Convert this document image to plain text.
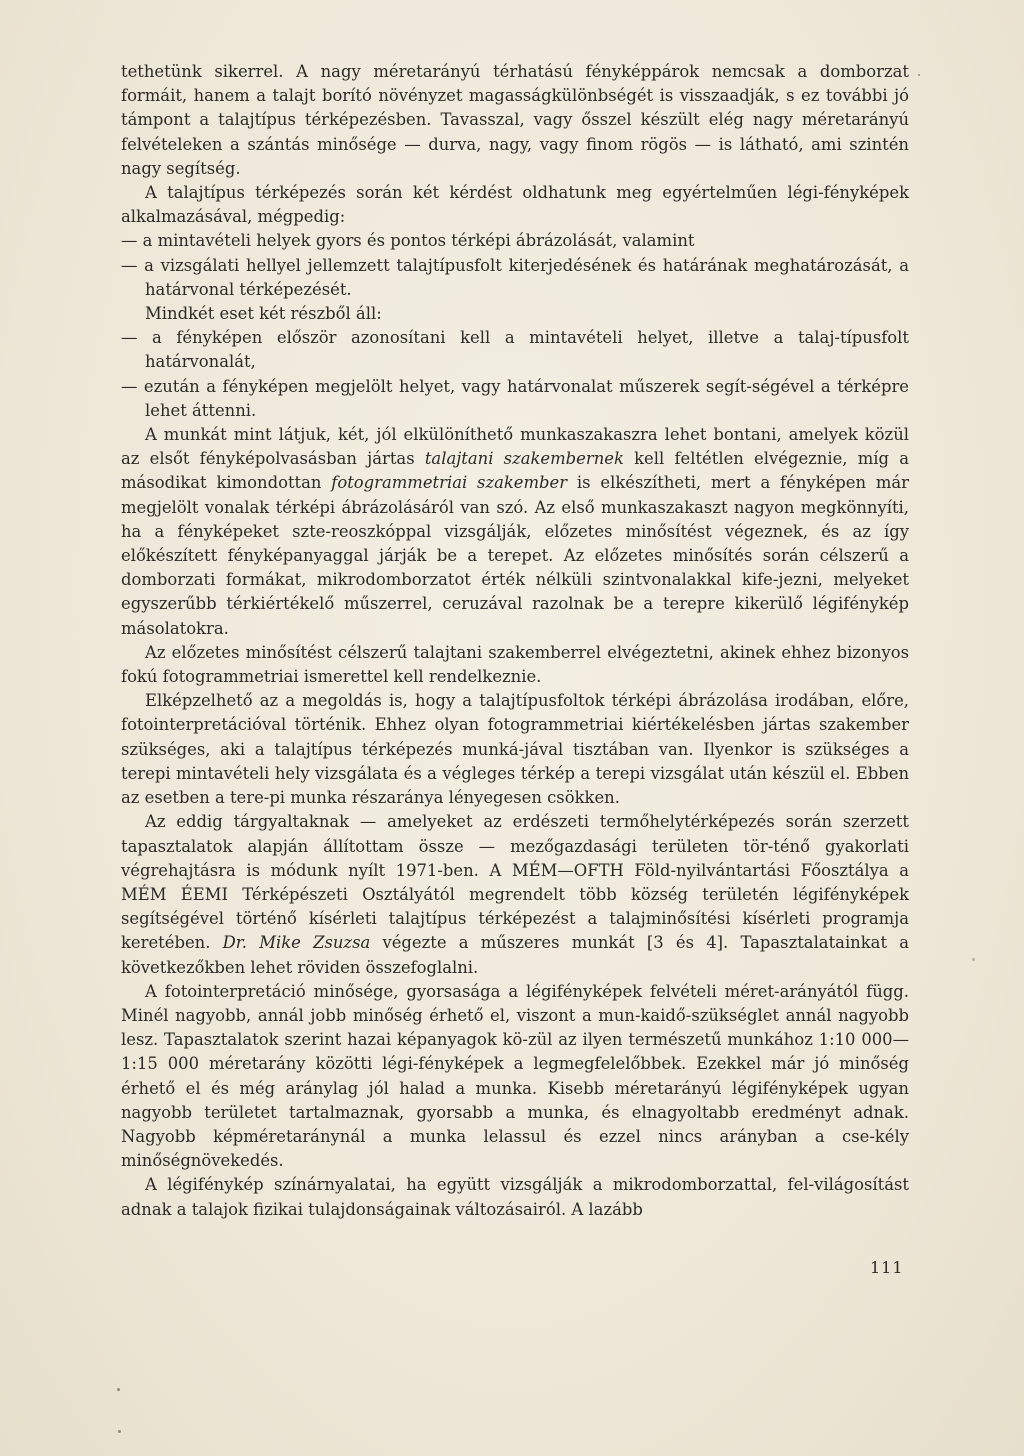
tethetünk sikerrel. A nagy méretarányú térhatású fényképpárok nemcsak a domborzat formáit, hanem a talajt borító növényzet magasságkülönbségét is visszaadják, s ez további jó támpont a talajtípus térképezésben. Tavasszal, vagy ősszel készült elég nagy méretarányú felvételeken a szántás minősége — durva, nagy, vagy finom rögös — is látható, ami szintén nagy segítség.

A talajtípus térképezés során két kérdést oldhatunk meg egyértelműen légi-fényképek alkalmazásával, mégpedig:

— a mintavételi helyek gyors és pontos térképi ábrázolását, valamint

— a vizsgálati hellyel jellemzett talajtípusfolt kiterjedésének és határának meghatározását, a határvonal térképezését.

Mindkét eset két részből áll:

— a fényképen először azonosítani kell a mintavételi helyet, illetve a talaj-típusfolt határvonalát,

— ezután a fényképen megjelölt helyet, vagy határvonalat műszerek segít-ségével a térképre lehet áttenni.

A munkát mint látjuk, két, jól elkülöníthető munkaszakaszra lehet bontani, amelyek közül az elsőt fényképolvasásban jártas talajtani szakembernek kell feltétlen elvégeznie, míg a másodikat kimondottan fotogrammetriai szakember is elkészítheti, mert a fényképen már megjelölt vonalak térképi ábrázolásáról van szó. Az első munkaszakaszt nagyon megkönnyíti, ha a fényképeket szte-reoszkóppal vizsgálják, előzetes minősítést végeznek, és az így előkészített fényképanyaggal járják be a terepet. Az előzetes minősítés során célszerű a domborzati formákat, mikrodomborzatot érték nélküli szintvonalakkal kife-jezni, melyeket egyszerűbb térkiértékelő műszerrel, ceruzával razolnak be a terepre kikerülő légifénykép másolatokra.

Az előzetes minősítést célszerű talajtani szakemberrel elvégeztetni, akinek ehhez bizonyos fokú fotogrammetriai ismerettel kell rendelkeznie.

Elképzelhető az a megoldás is, hogy a talajtípusfoltok térképi ábrázolása irodában, előre, fotointerpretációval történik. Ehhez olyan fotogrammetriai kiértékelésben jártas szakember szükséges, aki a talajtípus térképezés munká-jával tisztában van. Ilyenkor is szükséges a terepi mintavételi hely vizsgálata és a végleges térkép a terepi vizsgálat után készül el. Ebben az esetben a tere-pi munka részaránya lényegesen csökken.

Az eddig tárgyaltaknak — amelyeket az erdészeti termőhelytérképezés során szerzett tapasztalatok alapján állítottam össze — mezőgazdasági területen tör-ténő gyakorlati végrehajtásra is módunk nyílt 1971-ben. A MÉM—OFTH Föld-nyilvántartási Főosztálya a MÉM ÉEMI Térképészeti Osztályától megrendelt több község területén légifényképek segítségével történő kísérleti talajtípus térképezést a talajminősítési kísérleti programja keretében. Dr. Mike Zsuzsa végezte a műszeres munkát [3 és 4]. Tapasztalatainkat a következőkben lehet röviden összefoglalni.

A fotointerpretáció minősége, gyorsasága a légifényképek felvételi méret-arányától függ. Minél nagyobb, annál jobb minőség érhető el, viszont a mun-kaidő-szükséglet annál nagyobb lesz. Tapasztalatok szerint hazai képanyagok kö-zül az ilyen természetű munkához 1:10 000—1:15 000 méretarány közötti légi-fényképek a legmegfelelőbbek. Ezekkel már jó minőség érhető el és még aránylag jól halad a munka. Kisebb méretarányú légifényképek ugyan nagyobb területet tartalmaznak, gyorsabb a munka, és elnagyoltabb eredményt adnak. Nagyobb képméretaránynál a munka lelassul és ezzel nincs arányban a cse-kély minőségnövekedés.

A légifénykép színárnyalatai, ha együtt vizsgálják a mikrodomborzattal, fel-világosítást adnak a talajok fizikai tulajdonságainak változásairól. A lazább

111
